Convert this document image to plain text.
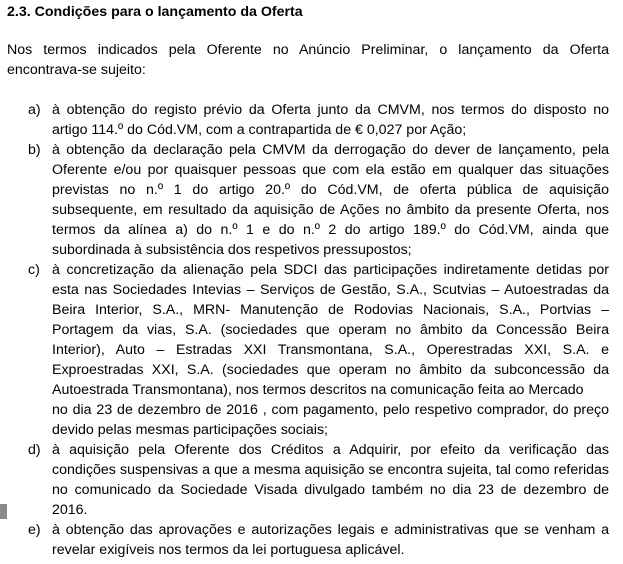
2.3. Condições para o lançamento da Oferta
Nos termos indicados pela Oferente no Anúncio Preliminar, o lançamento da Oferta encontrava-se sujeito:
a) à obtenção do registo prévio da Oferta junto da CMVM, nos termos do disposto no artigo 114.º do Cód.VM, com a contrapartida de € 0,027 por Ação;
b) à obtenção da declaração pela CMVM da derrogação do dever de lançamento, pela Oferente e/ou por quaisquer pessoas que com ela estão em qualquer das situações previstas no n.º 1 do artigo 20.º do Cód.VM, de oferta pública de aquisição subsequente, em resultado da aquisição de Ações no âmbito da presente Oferta, nos termos da alínea a) do n.º 1 e do n.º 2 do artigo 189.º do Cód.VM, ainda que subordinada à subsistência dos respetivos pressupostos;
c) à concretização da alienação pela SDCI das participações indiretamente detidas por esta nas Sociedades Intevias – Serviços de Gestão, S.A., Scutvias – Autoestradas da Beira Interior, S.A., MRN- Manutenção de Rodovias Nacionais, S.A., Portvias – Portagem da vias, S.A. (sociedades que operam no âmbito da Concessão Beira Interior), Auto – Estradas XXI Transmontana, S.A., Operestradas XXI, S.A. e Exproestradas XXI, S.A. (sociedades que operam no âmbito da subconcessão da Autoestrada Transmontana), nos termos descritos na comunicação feita ao Mercado
no dia 23 de dezembro de 2016 , com pagamento, pelo respetivo comprador, do preço devido pelas mesmas participações sociais;
d) à aquisição pela Oferente dos Créditos a Adquirir, por efeito da verificação das condições suspensivas a que a mesma aquisição se encontra sujeita, tal como referidas no comunicado da Sociedade Visada divulgado também no dia 23 de dezembro de 2016.
e) à obtenção das aprovações e autorizações legais e administrativas que se venham a revelar exigíveis nos termos da lei portuguesa aplicável.
